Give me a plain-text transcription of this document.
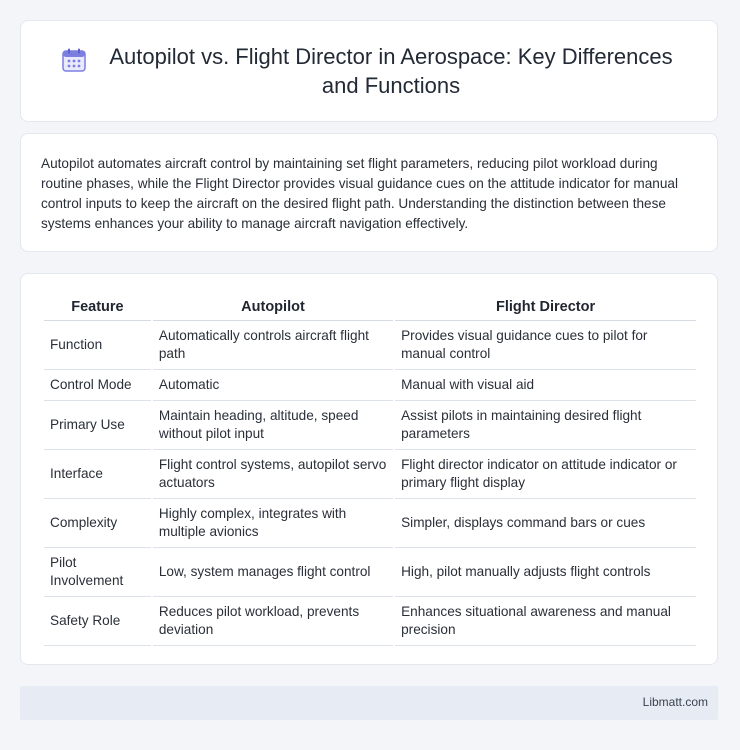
Autopilot vs. Flight Director in Aerospace: Key Differences and Functions

Autopilot automates aircraft control by maintaining set flight parameters, reducing pilot workload during routine phases, while the Flight Director provides visual guidance cues on the attitude indicator for manual control inputs to keep the aircraft on the desired flight path. Understanding the distinction between these systems enhances your ability to manage aircraft navigation effectively.

Feature	Autopilot	Flight Director
Function	Automatically controls aircraft flight path	Provides visual guidance cues to pilot for manual control
Control Mode	Automatic	Manual with visual aid
Primary Use	Maintain heading, altitude, speed without pilot input	Assist pilots in maintaining desired flight parameters
Interface	Flight control systems, autopilot servo actuators	Flight director indicator on attitude indicator or primary flight display
Complexity	Highly complex, integrates with multiple avionics	Simpler, displays command bars or cues
Pilot Involvement	Low, system manages flight control	High, pilot manually adjusts flight controls
Safety Role	Reduces pilot workload, prevents deviation	Enhances situational awareness and manual precision
Libmatt.com
